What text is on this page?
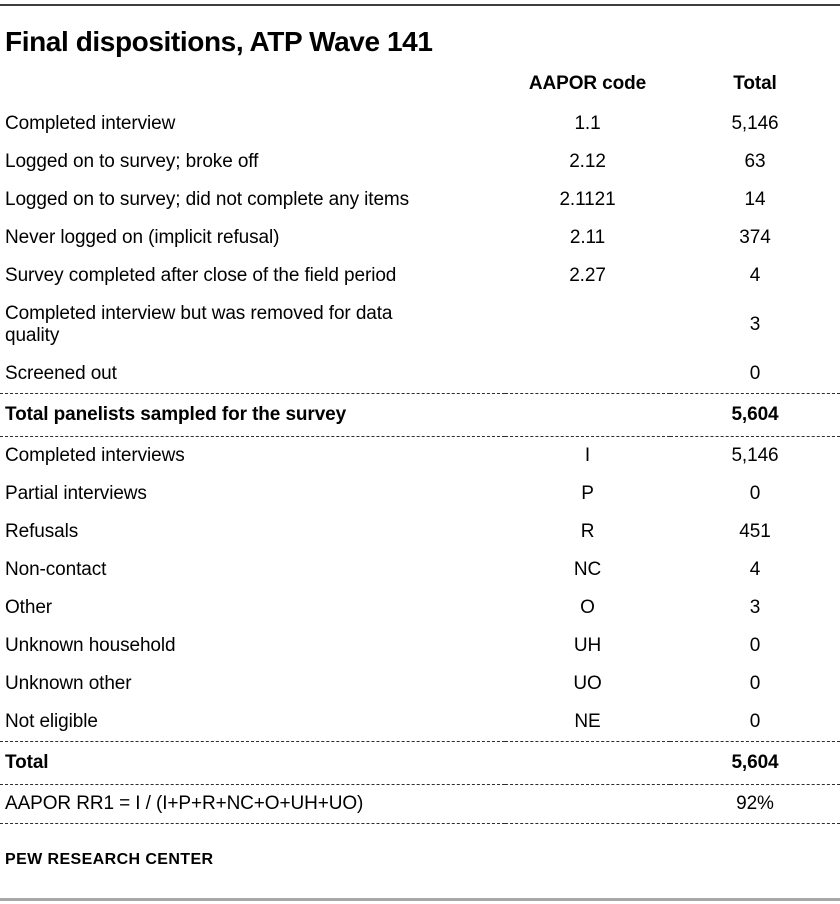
Final dispositions, ATP Wave 141
	AAPOR code	Total
Completed interview	1.1	5,146
Logged on to survey; broke off	2.12	63
Logged on to survey; did not complete any items	2.1121	14
Never logged on (implicit refusal)	2.11	374
Survey completed after close of the field period	2.27	4
Completed interview but was removed for data quality		3
Screened out		0
Total panelists sampled for the survey		5,604
Completed interviews	I	5,146
Partial interviews	P	0
Refusals	R	451
Non-contact	NC	4
Other	O	3
Unknown household	UH	0
Unknown other	UO	0
Not eligible	NE	0
Total		5,604
AAPOR RR1 = I / (I+P+R+NC+O+UH+UO)		92%
PEW RESEARCH CENTER
